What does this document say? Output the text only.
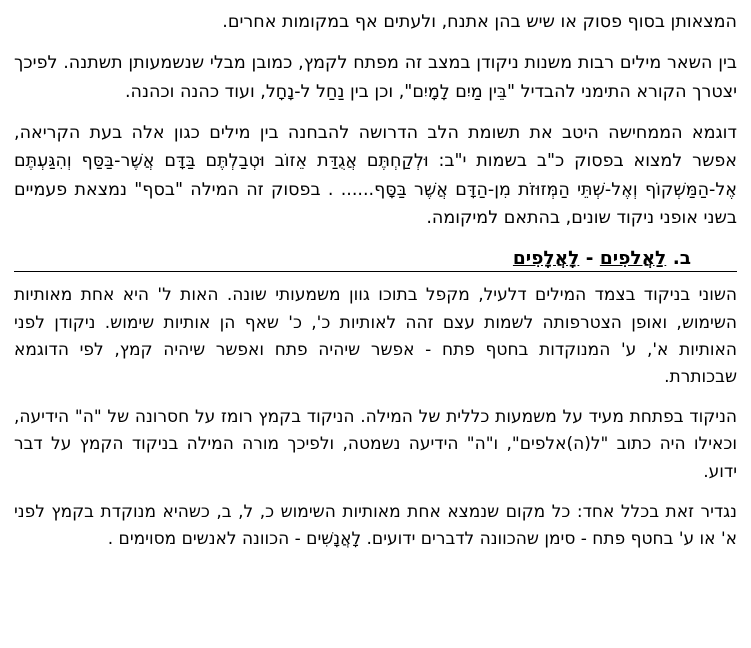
המצאותן בסוף פסוק או שיש בהן אתנח, ולעתים אף במקומות אחרים.

בין השאר מילים רבות משנות ניקודן במצב זה מפתח לקמץ, כמובן מבלי שנשמעותן תשתנה. לפיכך יצטרך הקורא התימני להבדיל "בֵּין מַיִם לָמָיִם", וכן בין נַחַל ל-נָחָל, ועוד כהנה וכהנה.

דוגמא הממחישה היטב את תשומת הלב הדרושה להבחנה בין מילים כגון אלה בעת הקריאה, אפשר למצוא בפסוק כ"ב בשמות י"ב: וּלְקַחְתֶּם אֲגֻדַּת אֵזוֹב וּטְבַלְתֶּם בַּדָּם אֲשֶׁר-בַּסַּף וְהִגַּעְתֶּם אֶל-הַמַּשְׁקוֹף וְאֶל-שְׁתֵּי הַמְּזוּזֹת מִן-הַדָּם אֲשֶׁר בַּסָּף...... . בפסוק זה המילה "בסף" נמצאת פעמיים בשני אופני ניקוד שונים, בהתאם למיקומה.

ב. לַאֲלפִים - לָאֲלָפִים

השוני בניקוד בצמד המילים דלעיל, מקפל בתוכו גוון משמעותי שונה. האות ל' היא אחת מאותיות השימוש, ואופן הצטרפותה לשמות עצם זהה לאותיות כ', כ' שאף הן אותיות שימוש. ניקודן לפני האותיות א', ע' המנוקדות בחטף פתח - אפשר שיהיה פתח ואפשר שיהיה קמץ, לפי הדוגמא שבכותרת.

הניקוד בפתחת מעיד על משמעות כללית של המילה. הניקוד בקמץ רומז על חסרונה של "ה" הידיעה, וכאילו היה כתוב "ל(ה)אלפים", ו"ה" הידיעה נשמטה, ולפיכך מורה המילה בניקוד הקמץ על דבר ידוע.

נגדיר זאת בכלל אחד: כל מקום שנמצא אחת מאותיות השימוש כ, ל, ב, כשהיא מנוקדת בקמץ לפני א' או ע' בחטף פתח - סימן שהכוונה לדברים ידועים. לָאֲנָשִׁים - הכוונה לאנשים מסוימים .
